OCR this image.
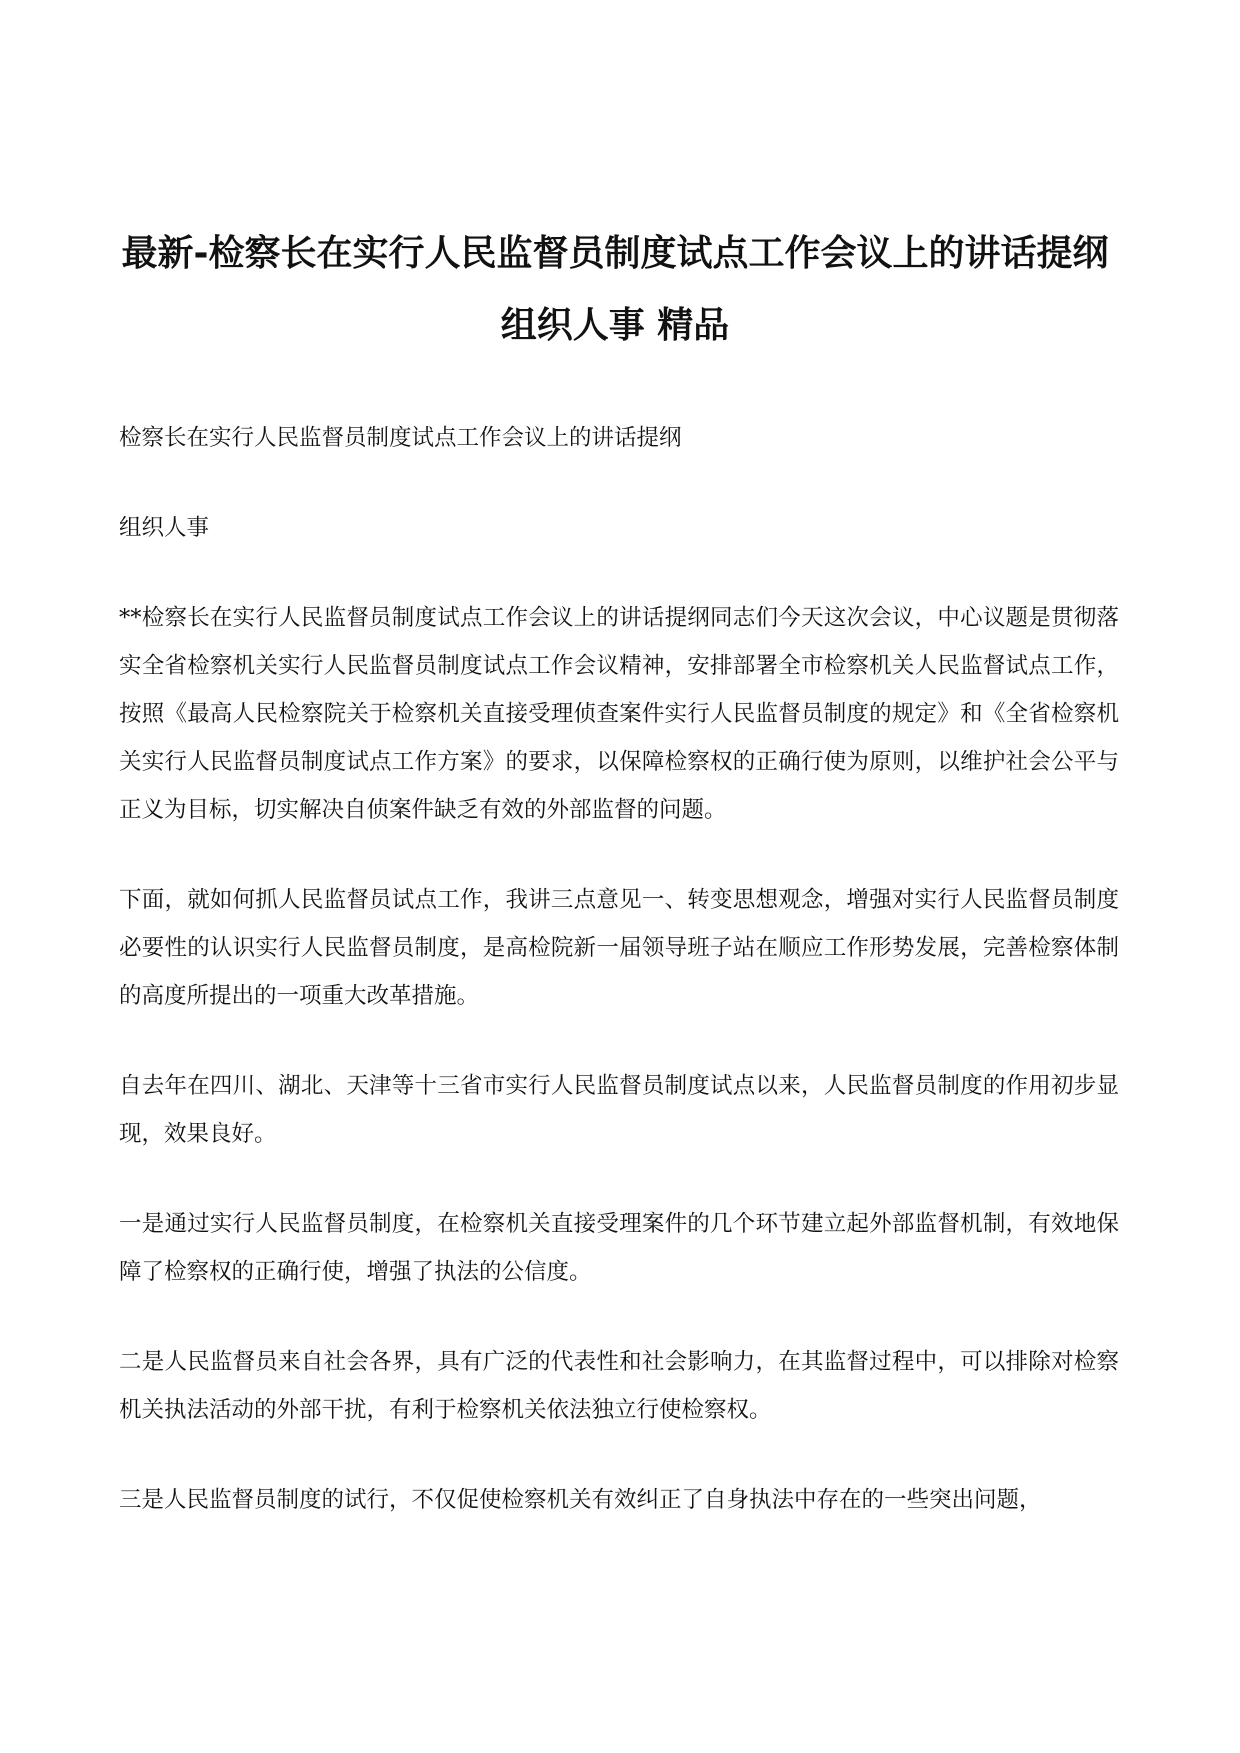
最新-检察长在实行人民监督员制度试点工作会议上的讲话提纲组织人事 精品

检察长在实行人民监督员制度试点工作会议上的讲话提纲

组织人事

**检察长在实行人民监督员制度试点工作会议上的讲话提纲同志们今天这次会议，中心议题是贯彻落实全省检察机关实行人民监督员制度试点工作会议精神，安排部署全市检察机关人民监督试点工作，按照《最高人民检察院关于检察机关直接受理侦查案件实行人民监督员制度的规定》和《全省检察机关实行人民监督员制度试点工作方案》的要求，以保障检察权的正确行使为原则，以维护社会公平与正义为目标，切实解决自侦案件缺乏有效的外部监督的问题。

下面，就如何抓人民监督员试点工作，我讲三点意见一、转变思想观念，增强对实行人民监督员制度必要性的认识实行人民监督员制度，是高检院新一届领导班子站在顺应工作形势发展，完善检察体制的高度所提出的一项重大改革措施。

自去年在四川、湖北、天津等十三省市实行人民监督员制度试点以来，人民监督员制度的作用初步显现，效果良好。

一是通过实行人民监督员制度，在检察机关直接受理案件的几个环节建立起外部监督机制，有效地保障了检察权的正确行使，增强了执法的公信度。

二是人民监督员来自社会各界，具有广泛的代表性和社会影响力，在其监督过程中，可以排除对检察机关执法活动的外部干扰，有利于检察机关依法独立行使检察权。

三是人民监督员制度的试行，不仅促使检察机关有效纠正了自身执法中存在的一些突出问题，
